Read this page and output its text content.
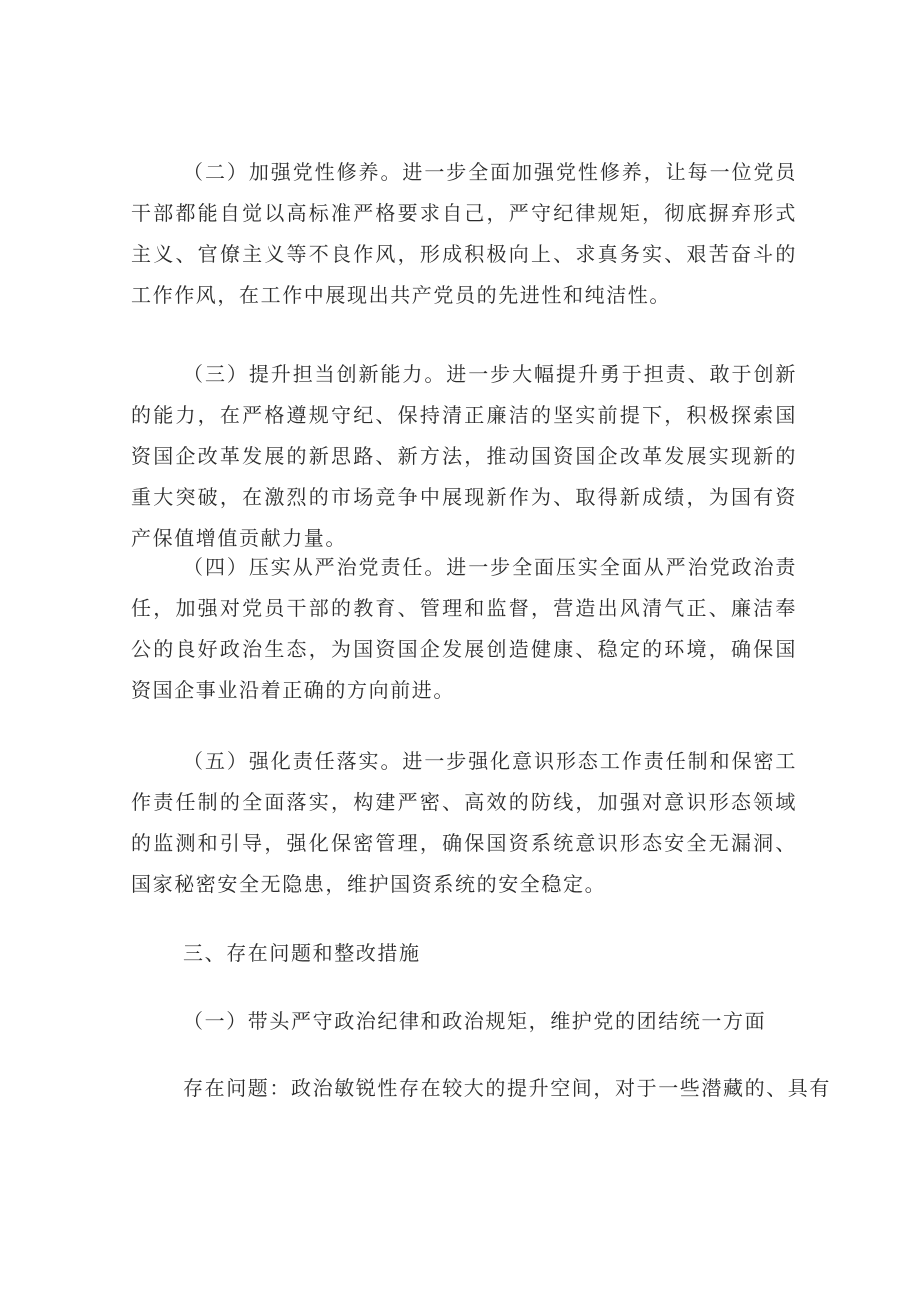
（二）加强党性修养。进一步全面加强党性修养，让每一位党员干部都能自觉以高标准严格要求自己，严守纪律规矩，彻底摒弃形式主义、官僚主义等不良作风，形成积极向上、求真务实、艰苦奋斗的工作作风，在工作中展现出共产党员的先进性和纯洁性。

（三）提升担当创新能力。进一步大幅提升勇于担责、敢于创新的能力，在严格遵规守纪、保持清正廉洁的坚实前提下，积极探索国资国企改革发展的新思路、新方法，推动国资国企改革发展实现新的重大突破，在激烈的市场竞争中展现新作为、取得新成绩，为国有资产保值增值贡献力量。

（四）压实从严治党责任。进一步全面压实全面从严治党政治责任，加强对党员干部的教育、管理和监督，营造出风清气正、廉洁奉公的良好政治生态，为国资国企发展创造健康、稳定的环境，确保国资国企事业沿着正确的方向前进。

（五）强化责任落实。进一步强化意识形态工作责任制和保密工作责任制的全面落实，构建严密、高效的防线，加强对意识形态领域的监测和引导，强化保密管理，确保国资系统意识形态安全无漏洞、国家秘密安全无隐患，维护国资系统的安全稳定。

三、存在问题和整改措施

（一）带头严守政治纪律和政治规矩，维护党的团结统一方面

存在问题：政治敏锐性存在较大的提升空间，对于一些潜藏的、具有
